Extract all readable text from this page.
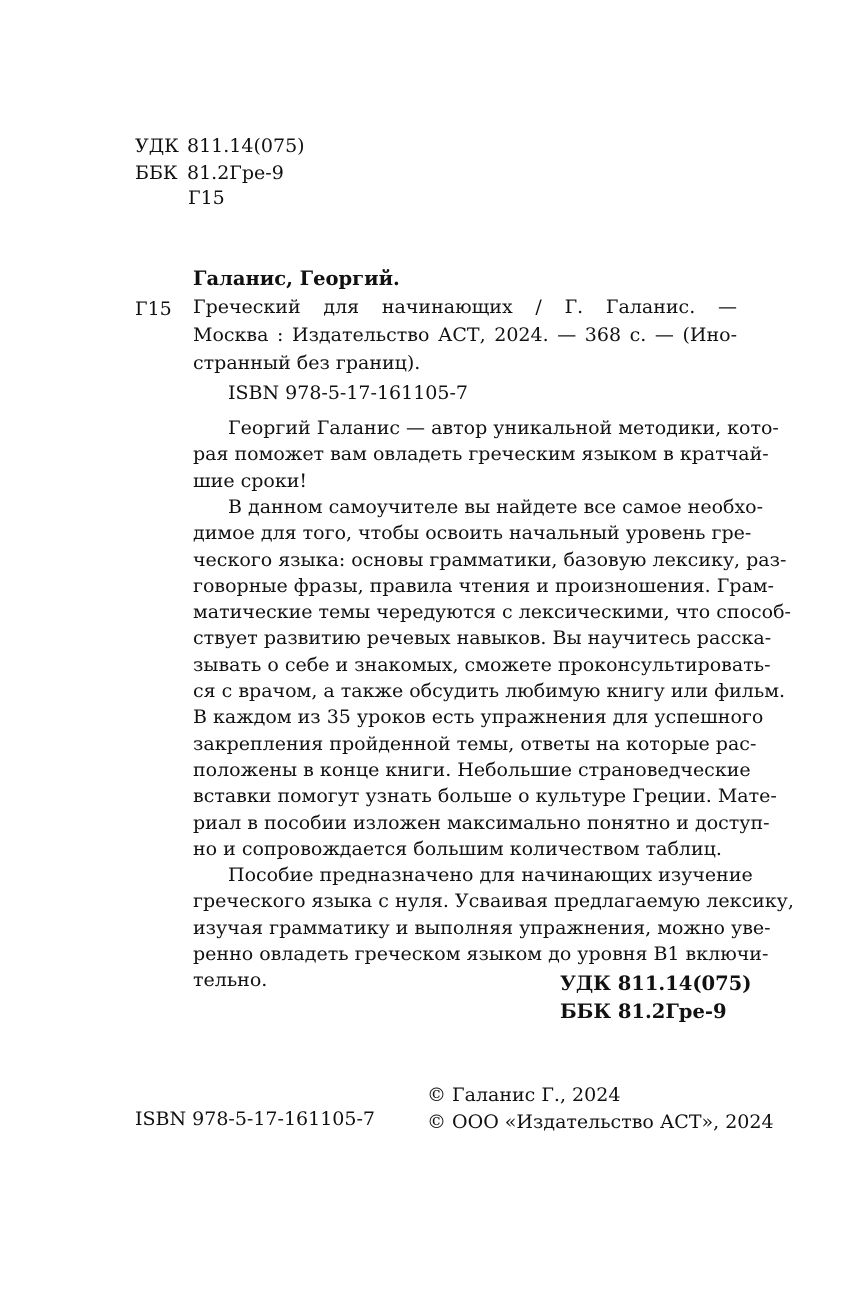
УДК 811.14(075)
ББК 81.2Гре-9
Г15
Галанис, Георгий.
Г15 Греческий для начинающих / Г. Галанис. —
Москва : Издательство АСТ, 2024. — 368 с. — (Ино-
странный без границ).
ISBN 978-5-17-161105-7
Георгий Галанис — автор уникальной методики, кото-
рая поможет вам овладеть греческим языком в кратчай-
шие сроки!
В данном самоучителе вы найдете все самое необхо-
димое для того, чтобы освоить начальный уровень гре-
ческого языка: основы грамматики, базовую лексику, раз-
говорные фразы, правила чтения и произношения. Грам-
матические темы чередуются с лексическими, что способ-
ствует развитию речевых навыков. Вы научитесь расска-
зывать о себе и знакомых, сможете проконсультировать-
ся с врачом, а также обсудить любимую книгу или фильм.
В каждом из 35 уроков есть упражнения для успешного
закрепления пройденной темы, ответы на которые рас-
положены в конце книги. Небольшие страноведческие
вставки помогут узнать больше о культуре Греции. Мате-
риал в пособии изложен максимально понятно и доступ-
но и сопровождается большим количеством таблиц.
Пособие предназначено для начинающих изучение
греческого языка с нуля. Усваивая предлагаемую лексику,
изучая грамматику и выполняя упражнения, можно уве-
ренно овладеть греческом языком до уровня B1 включи-
тельно.	УДК 811.14(075)
ББК 81.2Гре-9
ISBN 978-5-17-161105-7
© Галанис Г., 2024
© ООО «Издательство АСТ», 2024
